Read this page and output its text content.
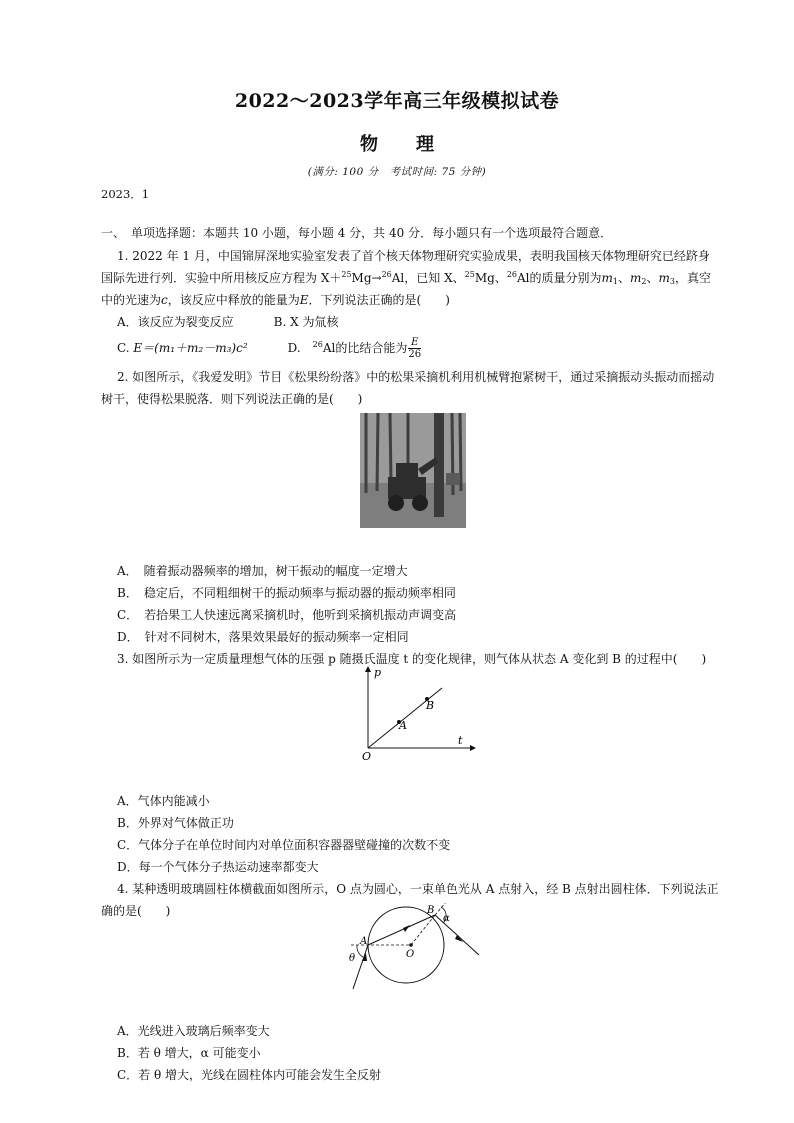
2022～2023学年高三年级模拟试卷
物理
(满分: 100 分　考试时间: 75 分钟)
2023．1

一、　单项选择题：本题共 10 小题，每小题 4 分，共 40 分．每小题只有一个选项最符合题意．

1. 2022 年 1 月，中国锦屏深地实验室发表了首个核天体物理研究实验成果，表明我国核天体物理研究已经跻身国际先进行列．实验中所用核反应方程为 X＋$^{25}$Mg→$^{26}$Al，已知 X、$^{25}$Mg、$^{26}$Al的质量分别为$m_1$、$m_2$、$m_3$，真空中的光速为c，该反应中释放的能量为E．下列说法正确的是(　　)

A．该反应为裂变反应	B. X 为氚核
C. E＝(m₁＋m₂－m₃)c²	D.　 $^{26}$Al的比结合能为 $\frac{E}{26}$

2. 如图所示，《我爱发明》节目《松果纷纷落》中的松果采摘机利用机械臂抱紧树干，通过采摘振动头振动而摇动树干，使得松果脱落．则下列说法正确的是(　　)

A．　随着振动器频率的增加，树干振动的幅度一定增大

B．　稳定后，不同粗细树干的振动频率与振动器的振动频率相同

C．　若拾果工人快速远离采摘机时，他听到采摘机振动声调变高

D．　针对不同树木，落果效果最好的振动频率一定相同

3. 如图所示为一定质量理想气体的压强 p 随摄氏温度 t 的变化规律，则气体从状态 A 变化到 B 的过程中(　　)

A．气体内能减小

B．外界对气体做正功

C．气体分子在单位时间内对单位面积容器器壁碰撞的次数不变

D．每一个气体分子热运动速率都变大

4. 某种透明玻璃圆柱体横截面如图所示，O 点为圆心，一束单色光从 A 点射入，经 B 点射出圆柱体．下列说法正确的是(　　)

A．光线进入玻璃后频率变大

B．若 θ 增大，α 可能变小

C．若 θ 增大，光线在圆柱体内可能会发生全反射

p
t
O
A
B
A
B
O
θ
α
